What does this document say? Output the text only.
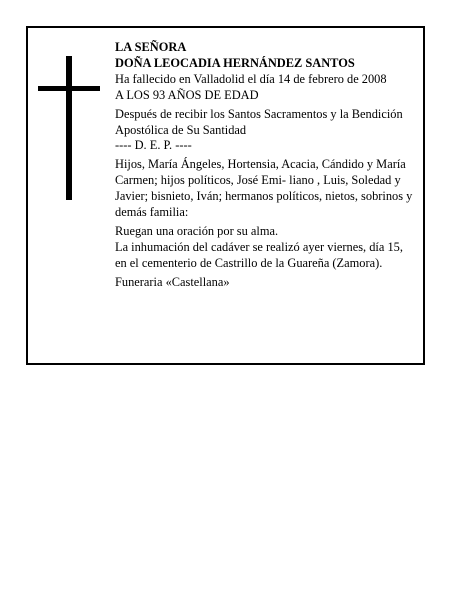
LA SEÑORA

DOÑA LEOCADIA HERNÁNDEZ SANTOS

Ha fallecido en Valladolid el día 14 de febrero de 2008

A LOS 93 AÑOS DE EDAD

Después de recibir los Santos Sacramentos y la Bendición Apostólica de Su Santidad

---- D. E. P. ----

Hijos, María Ángeles, Hortensia, Acacia, Cándido y María Carmen; hijos políticos, José Emi- liano , Luis, Soledad y Javier; bisnieto, Iván; hermanos políticos, nietos, sobrinos y demás familia:

Ruegan una oración por su alma.

La inhumación del cadáver se realizó ayer viernes, día 15, en el cementerio de Castrillo de la Guareña (Zamora).

Funeraria «Castellana»
